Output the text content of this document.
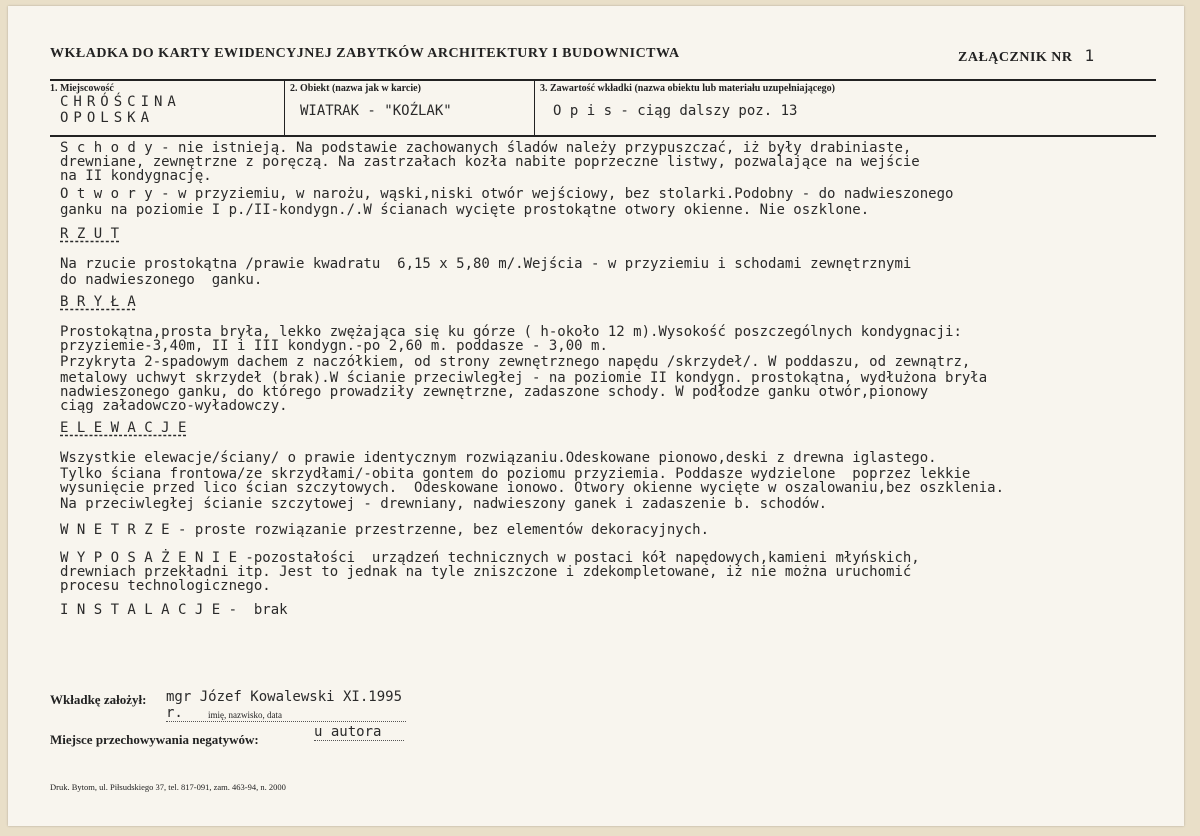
WKŁADKA DO KARTY EWIDENCYJNEJ ZABYTKÓW ARCHITEKTURY I BUDOWNICTWA	ZAŁĄCZNIK NR 1
1. Miejscowość
CHRÓŚCINA
OPOLSKA
2. Obiekt (nazwa jak w karcie)
WIATRAK - "KOŹLAK"
3. Zawartość wkładki (nazwa obiektu lub materiału uzupełniającego)
O p i s - ciąg dalszy poz. 13
S c h o d y - nie istnieją. Na podstawie zachowanych śladów należy przypuszczać, iż były drabiniaste,
drewniane, zewnętrzne z poręczą. Na zastrzałach kozła nabite poprzeczne listwy, pozwalające na wejście
na II kondygnację.
O t w o r y - w przyziemiu, w narożu, wąski,niski otwór wejściowy, bez stolarki.Podobny - do nadwieszonego
ganku na poziomie I p./II-kondygn./.W ścianach wycięte prostokątne otwory okienne. Nie oszklone.
R Z U T
Na rzucie prostokątna /prawie kwadratu  6,15 x 5,80 m/.Wejścia - w przyziemiu i schodami zewnętrznymi
do nadwieszonego  ganku.
B R Y Ł A
Prostokątna,prosta bryła, lekko zwężająca się ku górze ( h-około 12 m).Wysokość poszczególnych kondygnacji:
przyziemie-3,40m, II i III kondygn.-po 2,60 m. poddasze - 3,00 m.
Przykryta 2-spadowym dachem z naczółkiem, od strony zewnętrznego napędu /skrzydeł/. W poddaszu, od zewnątrz,
metalowy uchwyt skrzydeł (brak).W ścianie przeciwległej - na poziomie II kondygn. prostokątna, wydłużona bryła
nadwieszonego ganku, do którego prowadziły zewnętrzne, zadaszone schody. W podłodze ganku otwór,pionowy
ciąg załadowczo-wyładowczy.
E L E W A C J E
Wszystkie elewacje/ściany/ o prawie identycznym rozwiązaniu.Odeskowane pionowo,deski z drewna iglastego.
Tylko ściana frontowa/ze skrzydłami/-obita gontem do poziomu przyziemia. Poddasze wydzielone  poprzez lekkie
wysunięcie przed lico ścian szczytowych.  Odeskowane ionowo. Otwory okienne wycięte w oszalowaniu,bez oszklenia.
Na przeciwległej ścianie szczytowej - drewniany, nadwieszony ganek i zadaszenie b. schodów.
W N E T R Z E - proste rozwiązanie przestrzenne, bez elementów dekoracyjnych.
W Y P O S A Ż E N I E -pozostałości  urządzeń technicznych w postaci kół napędowych,kamieni młyńskich,
drewniach przekładni itp. Jest to jednak na tyle zniszczone i zdekompletowane, iż nie można uruchomić
procesu technologicznego.
I N S T A L A C J E -  brak
Wkładkę założył: mgr Józef Kowalewski XI.1995 r.	imię, nazwisko, data
Miejsce przechowywania negatywów:	u autora
Druk. Bytom, ul. Piłsudskiego 37, tel. 817-091, zam. 463-94, n. 2000
